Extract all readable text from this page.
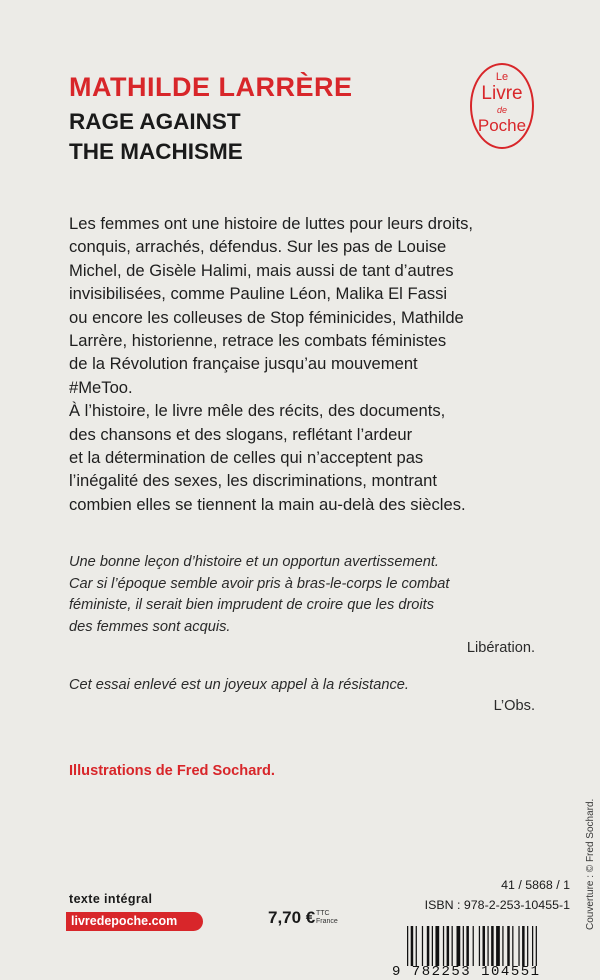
MATHILDE LARRÈRE
RAGE AGAINST
THE MACHISME
Le
Livre
de
Poche
Les femmes ont une histoire de luttes pour leurs droits,
conquis, arrachés, défendus. Sur les pas de Louise
Michel, de Gisèle Halimi, mais aussi de tant d’autres
invisibilisées, comme Pauline Léon, Malika El Fassi
ou encore les colleuses de Stop féminicides, Mathilde
Larrère, historienne, retrace les combats féministes
de la Révolution française jusqu’au mouvement
#MeToo.
À l’histoire, le livre mêle des récits, des documents,
des chansons et des slogans, reflétant l’ardeur
et la détermination de celles qui n’acceptent pas
l’inégalité des sexes, les discriminations, montrant
combien elles se tiennent la main au-delà des siècles.
Une bonne leçon d’histoire et un opportun avertissement.
Car si l’époque semble avoir pris à bras-le-corps le combat
féministe, il serait bien imprudent de croire que les droits
des femmes sont acquis.
Libération.
Cet essai enlevé est un joyeux appel à la résistance.
L’Obs.
Illustrations de Fred Sochard.
Couverture : © Fred Sochard.
texte intégral
livredepoche.com	7,70 € TTC
France
41 / 5868 / 1
ISBN : 978-2-253-10455-1
9 782253 104551
